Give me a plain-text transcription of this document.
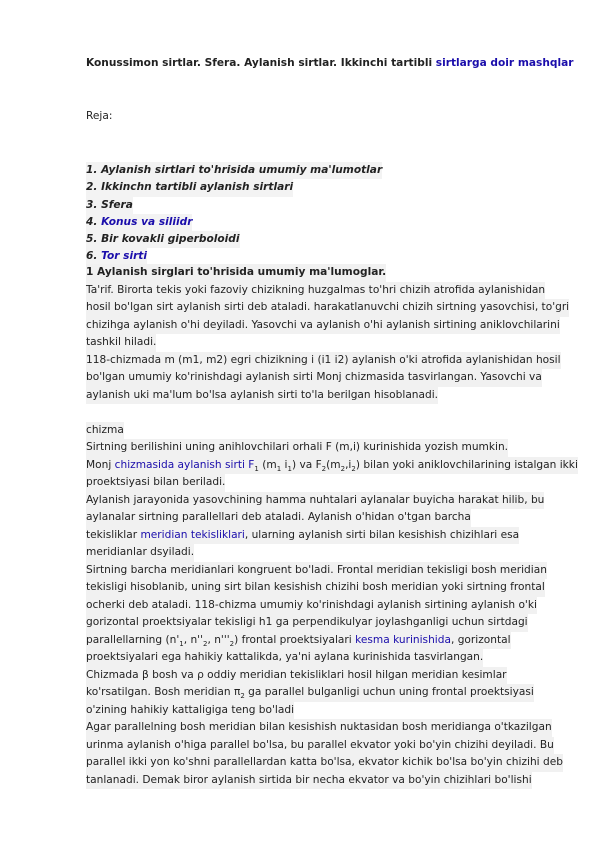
Konussimon sirtlar. Sfera. Aylanish sirtlar. Ikkinchi tartibli sirtlarga doir mashqlar
Reja:
1. Aylanish sirtlari to'hrisida umumiy ma'lumotlar
2. Ikkinchn tartibli aylanish sirtlari
3. Sfera
4. Konus va siliidr
5. Bir kovakli giperboloidi
6. Tor sirti
1 Aylanish sirglari to'hrisida umumiy ma'lumoglar.
Ta'rif. Birorta tekis yoki fazoviy chizikning huzgalmas to'hri chizih atrofida aylanishidan
hosil bo'lgan sirt aylanish sirti deb ataladi. harakatlanuvchi chizih sirtning yasovchisi, to'gri
chizihga aylanish o'hi deyiladi. Yasovchi va aylanish o'hi aylanish sirtining aniklovchilarini
tashkil hiladi.
118-chizmada m (m1, m2) egri chizikning i (i1 i2) aylanish o'ki atrofida aylanishidan hosil
bo'lgan umumiy ko'rinishdagi aylanish sirti Monj chizmasida tasvirlangan. Yasovchi va
aylanish uki ma'lum bo'lsa aylanish sirti to'la berilgan hisoblanadi.
chizma
Sirtning berilishini uning anihlovchilari orhali F (m,i) kurinishida yozish mumkin.
Monj chizmasida aylanish sirti $F_1$ ($m_1$ $i_1$) va $F_2(m_2,i_2)$ bilan yoki aniklovchilarining istalgan ikki
proektsiyasi bilan beriladi.
Aylanish jarayonida yasovchining hamma nuhtalari aylanalar buyicha harakat hilib, bu
aylanalar sirtning parallellari deb ataladi. Aylanish o'hidan o'tgan barcha
tekisliklar meridian tekisliklari, ularning aylanish sirti bilan kesishish chizihlari esa
meridianlar dsyiladi.
Sirtning barcha meridianlari kongruent bo'ladi. Frontal meridian tekisligi bosh meridian
tekisligi hisoblanib, uning sirt bilan kesishish chizihi bosh meridian yoki sirtning frontal
ocherki deb ataladi. 118-chizma umumiy ko'rinishdagi aylanish sirtining aylanish o'ki
gorizontal proektsiyalar tekisligi h1 ga perpendikulyar joylashganligi uchun sirtdagi
parallellarning ($n'_1$, $n''_2$, $n'''_2$) frontal proektsiyalari kesma kurinishida, gorizontal
proektsiyalari ega hahikiy kattalikda, ya'ni aylana kurinishida tasvirlangan.
Chizmada β bosh va ρ oddiy meridian tekisliklari hosil hilgan meridian kesimlar
ko'rsatilgan. Bosh meridian $\pi_2$ ga parallel bulganligi uchun uning frontal proektsiyasi
o'zining hahikiy kattaligiga teng bo'ladi
Agar parallelning bosh meridian bilan kesishish nuktasidan bosh meridianga o'tkazilgan
urinma aylanish o'higa parallel bo'lsa, bu parallel ekvator yoki bo'yin chizihi deyiladi. Bu
parallel ikki yon ko'shni parallellardan katta bo'lsa, ekvator kichik bo'lsa bo'yin chizihi deb
tanlanadi. Demak biror aylanish sirtida bir necha ekvator va bo'yin chizihlari bo'lishi
